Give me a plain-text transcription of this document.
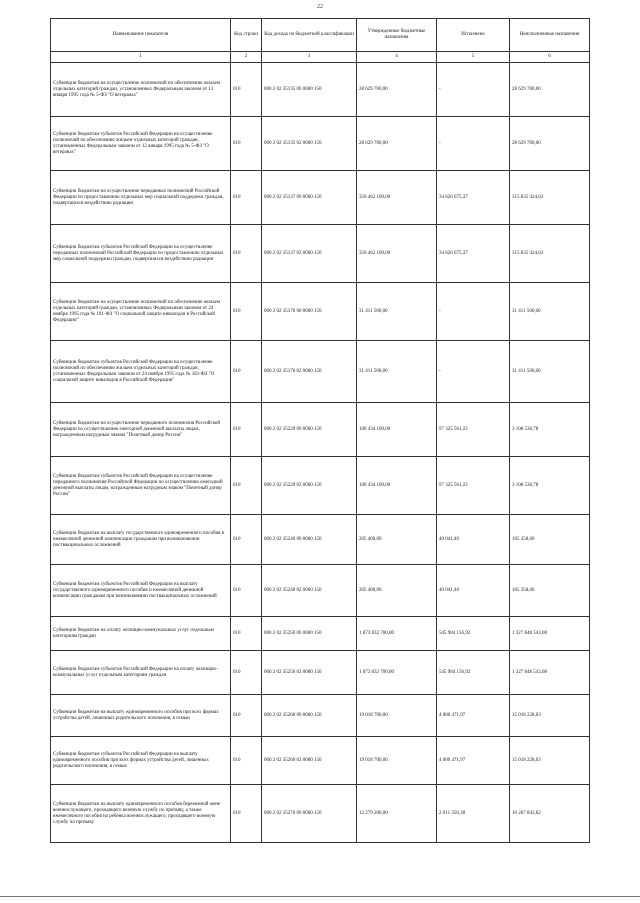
22
Наименование показателя	Код строки	Код дохода по бюджетной классификации	Утвержденные бюджетные назначения	Исполнено	Неисполненные назначения
1	2	3	4	5	6
Субвенции бюджетам на осуществление полномочий по обеспечению жильем отдельных категорий граждан, установленных Федеральным законом от 12 января 1995 года № 5-ФЗ "О ветеранах"	010	000 2 02 35135 00 0000 150	28 629 700,00	-	28 629 700,00
Субвенции бюджетам субъектов Российской Федерации на осуществление полномочий по обеспечению жильем отдельных категорий граждан, установленных Федеральным законом от 12 января 1995 года № 5-ФЗ "О ветеранах"	010	000 2 02 35135 02 0000 150	28 629 700,00	-	28 629 700,00
Субвенции бюджетам на осуществление переданных полномочий Российской Федерации по предоставлению отдельных мер социальной поддержки граждан, подвергшихся воздействию радиации	010	000 2 02 35137 00 0000 150	350 462 100,00	34 626 675,37	315 835 424,63
Субвенции бюджетам субъектов Российской Федерации на осуществление переданных полномочий Российской Федерации по предоставлению отдельных мер социальной поддержки граждан, подвергшихся воздействию радиации	010	000 2 02 35137 02 0000 150	350 462 100,00	34 626 675,37	315 835 424,63
Субвенции бюджетам на осуществление полномочий по обеспечению жильем отдельных категорий граждан, установленных Федеральным законом от 24 ноября 1995 года № 181-ФЗ "О социальной защите инвалидов в Российской Федерации"	010	000 2 02 35176 00 0000 150	31 411 500,00	-	31 411 500,00
Субвенции бюджетам субъектов Российской Федерации на осуществление полномочий по обеспечению жильем отдельных категорий граждан, установленных Федеральным законом от 24 ноября 1995 года № 181-ФЗ "О социальной защите инвалидов в Российской Федерации"	010	000 2 02 35176 02 0000 150	31 411 500,00	-	31 411 500,00
Субвенции бюджетам на осуществление переданного полномочия Российской Федерации по осуществлению ежегодной денежной выплаты лицам, награжденным нагрудным знаком "Почетный донор России"	010	000 2 02 35220 00 0000 150	100 434 100,00	97 325 561,22	3 108 538,78
Субвенции бюджетам субъектов Российской Федерации на осуществление переданного полномочия Российской Федерации по осуществлению ежегодной денежной выплаты лицам, награжденным нагрудным знаком "Почетный донор России"	010	000 2 02 35220 02 0000 150	100 434 100,00	97 325 561,22	3 108 538,78
Субвенции бюджетам на выплату государственного единовременного пособия и ежемесячной денежной компенсации гражданам при возникновении поствакцинальных осложнений	010	000 2 02 35240 00 0000 150	205 400,00	40 041,40	165 358,60
Субвенции бюджетам субъектов Российской Федерации на выплату государственного единовременного пособия и ежемесячной денежной компенсации гражданам при возникновении поствакцинальных осложнений	010	000 2 02 35240 02 0000 150	205 400,00	40 041,40	165 358,60
Субвенции бюджетам на оплату жилищно-коммунальных услуг отдельным категориям граждан	010	000 2 02 35250 00 0000 150	1 873 832 700,00	545 984 156,92	1 327 848 543,08
Субвенции бюджетам субъектов Российской Федерации на оплату жилищно-коммунальных услуг отдельным категориям граждан	010	000 2 02 35250 02 0000 150	1 873 832 700,00	545 984 156,92	1 327 848 543,08
Субвенции бюджетам на выплату единовременного пособия при всех формах устройства детей, лишенных родительского попечения, в семью	010	000 2 02 35260 00 0000 150	19 018 700,00	4 000 471,97	15 018 228,03
Субвенции бюджетам субъектов Российской Федерации на выплату единовременного пособия при всех формах устройства детей, лишенных родительского попечения, в семью	010	000 2 02 35260 02 0000 150	19 018 700,00	4 000 471,97	15 018 228,03
Субвенции бюджетам на выплату единовременного пособия беременной жене военнослужащего, проходящего военную службу по призыву, а также ежемесячного пособия на ребенка военнослужащего, проходящего военную службу по призыву	010	000 2 02 35270 00 0000 150	12 279 200,00	2 011 356,38	10 267 843,62
